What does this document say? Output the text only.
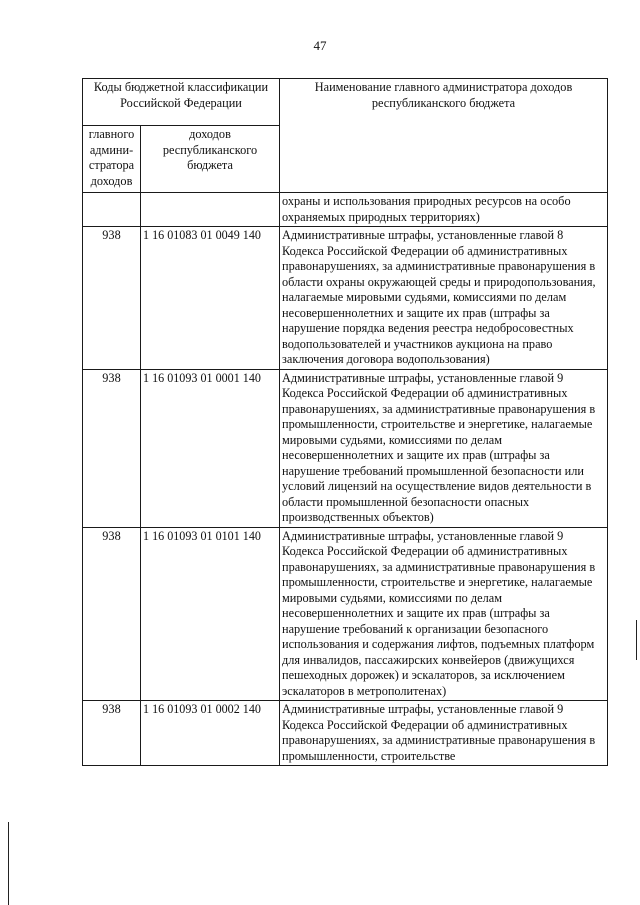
47
Коды бюджетной классификации Российской Федерации		Наименование главного администратора доходов республиканского бюджета
главного админи-стратора доходов	доходов республиканского бюджета	
		охраны и использования природных ресурсов на особо охраняемых природных территориях)
938	1 16 01083 01 0049 140	Административные штрафы, установленные главой 8 Кодекса Российской Федерации об административных правонарушениях, за административные правонарушения в области охраны окружающей среды и природопользования, налагаемые мировыми судьями, комиссиями по делам несовершеннолетних и защите их прав (штрафы за нарушение порядка ведения реестра недобросовестных водопользователей и участников аукциона на право заключения договора водопользования)
938	1 16 01093 01 0001 140	Административные штрафы, установленные главой 9 Кодекса Российской Федерации об административных правонарушениях, за административные правонарушения в промышленности, строительстве и энергетике, налагаемые мировыми судьями, комиссиями по делам несовершеннолетних и защите их прав (штрафы за нарушение требований промышленной безопасности или условий лицензий на осуществление видов деятельности в области промышленной безопасности опасных производственных объектов)
938	1 16 01093 01 0101 140	Административные штрафы, установленные главой 9 Кодекса Российской Федерации об административных правонарушениях, за административные правонарушения в промышленности, строительстве и энергетике, налагаемые мировыми судьями, комиссиями по делам несовершеннолетних и защите их прав (штрафы за нарушение требований к организации безопасного использования и содержания лифтов, подъемных платформ для инвалидов, пассажирских конвейеров (движущихся пешеходных дорожек) и эскалаторов, за исключением эскалаторов в метрополитенах)
938	1 16 01093 01 0002 140	Административные штрафы, установленные главой 9 Кодекса Российской Федерации об административных правонарушениях, за административные правонарушения в промышленности, строительстве
